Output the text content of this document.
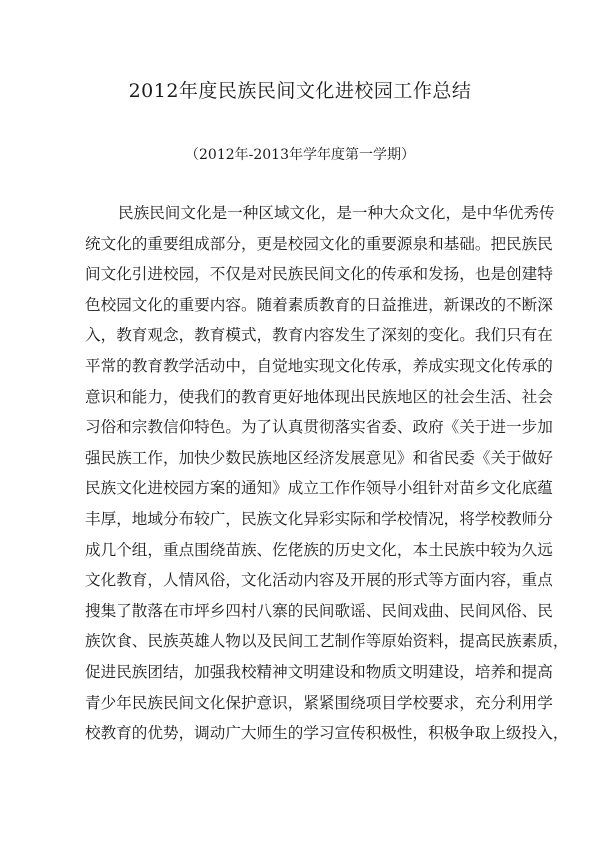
2012年度民族民间文化进校园工作总结

（2012年-2013年学年度第一学期）

民族民间文化是一种区域文化，是一种大众文化，是中华优秀传
统文化的重要组成部分，更是校园文化的重要源泉和基础。把民族民
间文化引进校园，不仅是对民族民间文化的传承和发扬，也是创建特
色校园文化的重要内容。随着素质教育的日益推进，新课改的不断深
入，教育观念，教育模式，教育内容发生了深刻的变化。我们只有在
平常的教育教学活动中，自觉地实现文化传承，养成实现文化传承的
意识和能力，使我们的教育更好地体现出民族地区的社会生活、社会
习俗和宗教信仰特色。为了认真贯彻落实省委、政府《关于进一步加
强民族工作，加快少数民族地区经济发展意见》和省民委《关于做好
民族文化进校园方案的通知》成立工作作领导小组针对苗乡文化底蕴
丰厚，地域分布较广，民族文化异彩实际和学校情况，将学校教师分
成几个组，重点围绕苗族、仡佬族的历史文化，本土民族中较为久远
文化教育，人情风俗，文化活动内容及开展的形式等方面内容，重点
搜集了散落在市坪乡四村八寨的民间歌谣、民间戏曲、民间风俗、民
族饮食、民族英雄人物以及民间工艺制作等原始资料，提高民族素质，
促进民族团结，加强我校精神文明建设和物质文明建设，培养和提高
青少年民族民间文化保护意识，紧紧围绕项目学校要求，充分利用学
校教育的优势，调动广大师生的学习宣传积极性，积极争取上级投入，
